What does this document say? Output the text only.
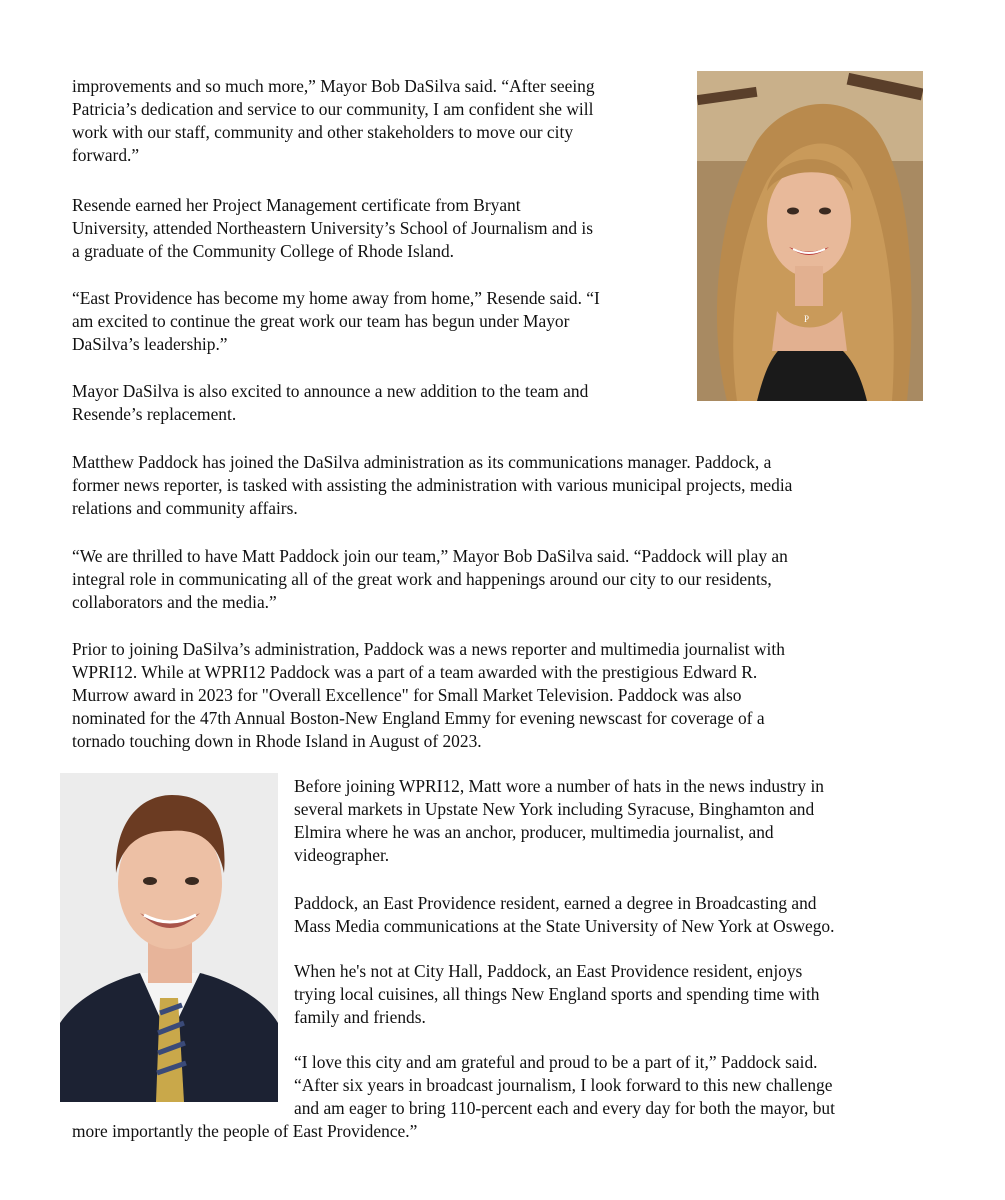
P

improvements and so much more,” Mayor Bob DaSilva said. “After seeing
Patricia’s dedication and service to our community, I am confident she will
work with our staff, community and other stakeholders to move our city
forward.”

Resende earned her Project Management certificate from Bryant
University, attended Northeastern University’s School of Journalism and is
a graduate of the Community College of Rhode Island.

“East Providence has become my home away from home,” Resende said. “I
am excited to continue the great work our team has begun under Mayor
DaSilva’s leadership.”

Mayor DaSilva is also excited to announce a new addition to the team and
Resende’s replacement.

Matthew Paddock has joined the DaSilva administration as its communications manager. Paddock, a
former news reporter, is tasked with assisting the administration with various municipal projects, media
relations and community affairs.

“We are thrilled to have Matt Paddock join our team,” Mayor Bob DaSilva said. “Paddock will play an
integral role in communicating all of the great work and happenings around our city to our residents,
collaborators and the media.”

Prior to joining DaSilva’s administration, Paddock was a news reporter and multimedia journalist with
WPRI12. While at WPRI12 Paddock was a part of a team awarded with the prestigious Edward R.
Murrow award in 2023 for "Overall Excellence" for Small Market Television. Paddock was also
nominated for the 47th Annual Boston-New England Emmy for evening newscast for coverage of a
tornado touching down in Rhode Island in August of 2023.

Before joining WPRI12, Matt wore a number of hats in the news industry in
several markets in Upstate New York including Syracuse, Binghamton and
Elmira where he was an anchor, producer, multimedia journalist, and
videographer.

Paddock, an East Providence resident, earned a degree in Broadcasting and
Mass Media communications at the State University of New York at Oswego.

When he's not at City Hall, Paddock, an East Providence resident, enjoys
trying local cuisines, all things New England sports and spending time with
family and friends.

“I love this city and am grateful and proud to be a part of it,” Paddock said.
“After six years in broadcast journalism, I look forward to this new challenge
and am eager to bring 110-percent each and every day for both the mayor, but

more importantly the people of East Providence.”
